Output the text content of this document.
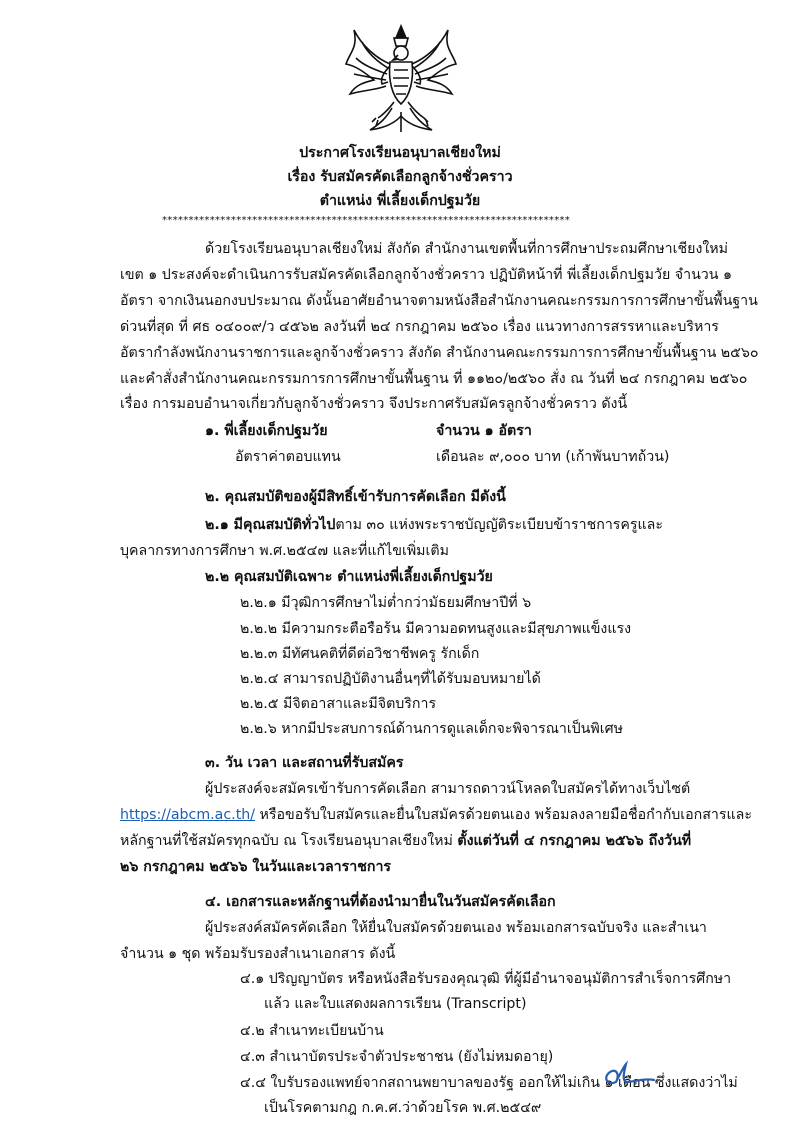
ประกาศโรงเรียนอนุบาลเชียงใหม่
เรื่อง รับสมัครคัดเลือกลูกจ้างชั่วคราว
ตำแหน่ง พี่เลี้ยงเด็กปฐมวัย
*****************************************************************************
ด้วยโรงเรียนอนุบาลเชียงใหม่ สังกัด สำนักงานเขตพื้นที่การศึกษาประถมศึกษาเชียงใหม่
เขต ๑ ประสงค์จะดำเนินการรับสมัครคัดเลือกลูกจ้างชั่วคราว ปฏิบัติหน้าที่ พี่เลี้ยงเด็กปฐมวัย จำนวน ๑
อัตรา จากเงินนอกงบประมาณ ดังนั้นอาศัยอำนาจตามหนังสือสำนักงานคณะกรรมการการศึกษาขั้นพื้นฐาน
ด่วนที่สุด ที่ ศธ ๐๔๐๐๙/ว ๔๕๖๒ ลงวันที่ ๒๔ กรกฎาคม ๒๕๖๐ เรื่อง แนวทางการสรรหาและบริหาร
อัตรากำลังพนักงานราชการและลูกจ้างชั่วคราว สังกัด สำนักงานคณะกรรมการการศึกษาขั้นพื้นฐาน ๒๕๖๐
และคำสั่งสำนักงานคณะกรรมการการศึกษาขั้นพื้นฐาน ที่ ๑๑๒๐/๒๕๖๐ สั่ง ณ วันที่ ๒๔ กรกฎาคม ๒๕๖๐
เรื่อง การมอบอำนาจเกี่ยวกับลูกจ้างชั่วคราว จึงประกาศรับสมัครลูกจ้างชั่วคราว ดังนี้
๑. พี่เลี้ยงเด็กปฐมวัย	จำนวน ๑ อัตรา
อัตราค่าตอบแทน	เดือนละ ๙,๐๐๐ บาท (เก้าพันบาทถ้วน)
๒. คุณสมบัติของผู้มีสิทธิ์เข้ารับการคัดเลือก มีดังนี้
๒.๑ มีคุณสมบัติทั่วไปตาม ๓๐ แห่งพระราชบัญญัติระเบียบข้าราชการครูและ
บุคลากรทางการศึกษา พ.ศ.๒๕๔๗ และที่แก้ไขเพิ่มเติม
๒.๒ คุณสมบัติเฉพาะ ตำแหน่งพี่เลี้ยงเด็กปฐมวัย
๒.๒.๑ มีวุฒิการศึกษาไม่ต่ำกว่ามัธยมศึกษาปีที่ ๖
๒.๒.๒ มีความกระตือรือร้น มีความอดทนสูงและมีสุขภาพแข็งแรง
๒.๒.๓ มีทัศนคติที่ดีต่อวิชาชีพครู รักเด็ก
๒.๒.๔ สามารถปฏิบัติงานอื่นๆที่ได้รับมอบหมายได้
๒.๒.๕ มีจิตอาสาและมีจิตบริการ
๒.๒.๖ หากมีประสบการณ์ด้านการดูแลเด็กจะพิจารณาเป็นพิเศษ
๓. วัน เวลา และสถานที่รับสมัคร
ผู้ประสงค์จะสมัครเข้ารับการคัดเลือก สามารถดาวน์โหลดใบสมัครได้ทางเว็บไซต์
https://abcm.ac.th/ หรือขอรับใบสมัครและยื่นใบสมัครด้วยตนเอง พร้อมลงลายมือชื่อกำกับเอกสารและ
หลักฐานที่ใช้สมัครทุกฉบับ ณ โรงเรียนอนุบาลเชียงใหม่ ตั้งแต่วันที่ ๔ กรกฎาคม ๒๕๖๖ ถึงวันที่
๒๖ กรกฎาคม ๒๕๖๖ ในวันและเวลาราชการ
๔. เอกสารและหลักฐานที่ต้องนำมายื่นในวันสมัครคัดเลือก
ผู้ประสงค์สมัครคัดเลือก ให้ยื่นใบสมัครด้วยตนเอง พร้อมเอกสารฉบับจริง และสำเนา
จำนวน ๑ ชุด พร้อมรับรองสำเนาเอกสาร ดังนี้
๔.๑ ปริญญาบัตร หรือหนังสือรับรองคุณวุฒิ ที่ผู้มีอำนาจอนุมัติการสำเร็จการศึกษา
แล้ว และใบแสดงผลการเรียน (Transcript)
๔.๒ สำเนาทะเบียนบ้าน
๔.๓ สำเนาบัตรประจำตัวประชาชน (ยังไม่หมดอายุ)
๔.๔ ใบรับรองแพทย์จากสถานพยาบาลของรัฐ ออกให้ไม่เกิน ๑ เดือน ซึ่งแสดงว่าไม่
เป็นโรคตามกฎ ก.ค.ศ.ว่าด้วยโรค พ.ศ.๒๕๔๙
